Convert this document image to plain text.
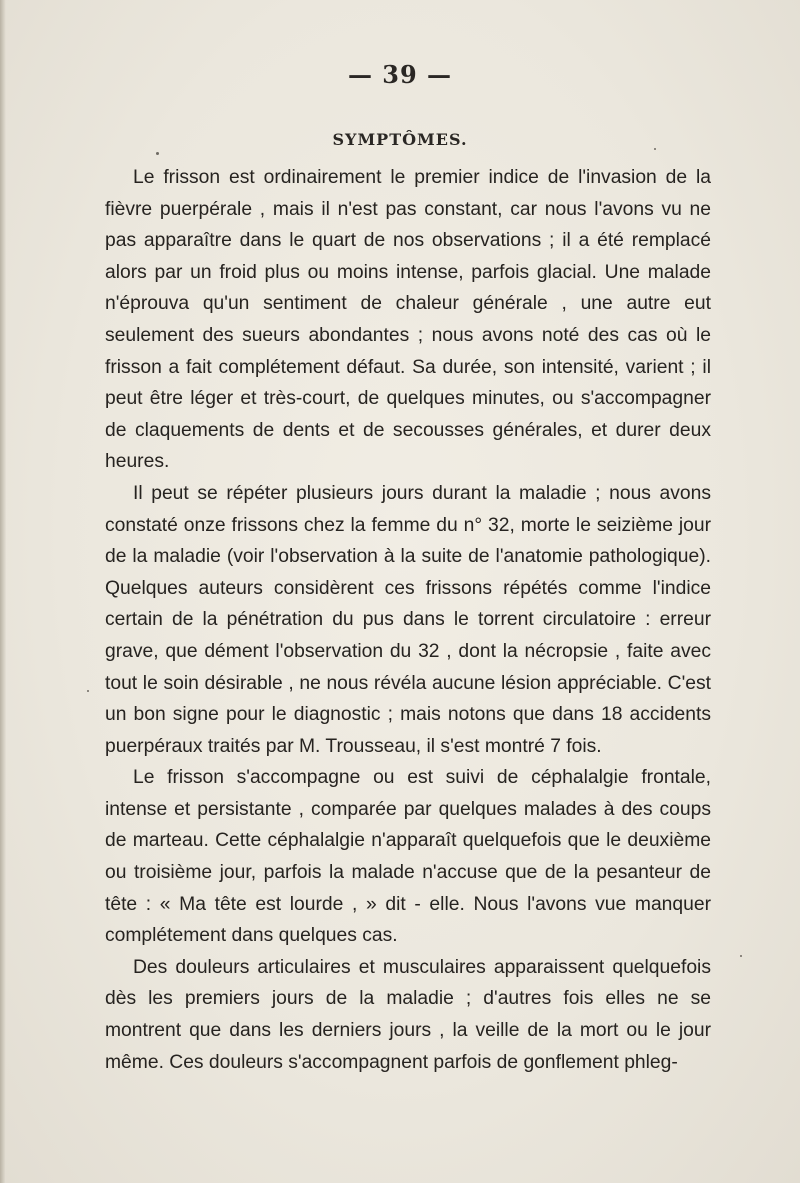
— 39 —
SYMPTÔMES.

Le frisson est ordinairement le premier indice de l'invasion de la fièvre puerpérale , mais il n'est pas constant, car nous l'avons vu ne pas apparaître dans le quart de nos observations ; il a été remplacé alors par un froid plus ou moins intense, parfois glacial. Une malade n'éprouva qu'un sentiment de chaleur générale , une autre eut seulement des sueurs abondantes ; nous avons noté des cas où le frisson a fait complétement défaut. Sa durée, son intensité, varient ; il peut être léger et très-court, de quelques minutes, ou s'accompagner de claquements de dents et de secousses générales, et durer deux heures.

Il peut se répéter plusieurs jours durant la maladie ; nous avons constaté onze frissons chez la femme du n° 32, morte le seizième jour de la maladie (voir l'observation à la suite de l'anatomie pathologique). Quelques auteurs considèrent ces frissons répétés comme l'indice certain de la pénétration du pus dans le torrent circulatoire : erreur grave, que dément l'observation du 32 , dont la nécropsie , faite avec tout le soin désirable , ne nous révéla aucune lésion appréciable. C'est un bon signe pour le diagnostic ; mais notons que dans 18 accidents puerpéraux traités par M. Trousseau, il s'est montré 7 fois.

Le frisson s'accompagne ou est suivi de céphalalgie frontale, intense et persistante , comparée par quelques malades à des coups de marteau. Cette céphalalgie n'apparaît quelquefois que le deuxième ou troisième jour, parfois la malade n'accuse que de la pesanteur de tête : « Ma tête est lourde , » dit - elle. Nous l'avons vue manquer complétement dans quelques cas.

Des douleurs articulaires et musculaires apparaissent quelquefois dès les premiers jours de la maladie ; d'autres fois elles ne se montrent que dans les derniers jours , la veille de la mort ou le jour même. Ces douleurs s'accompagnent parfois de gonflement phleg-
